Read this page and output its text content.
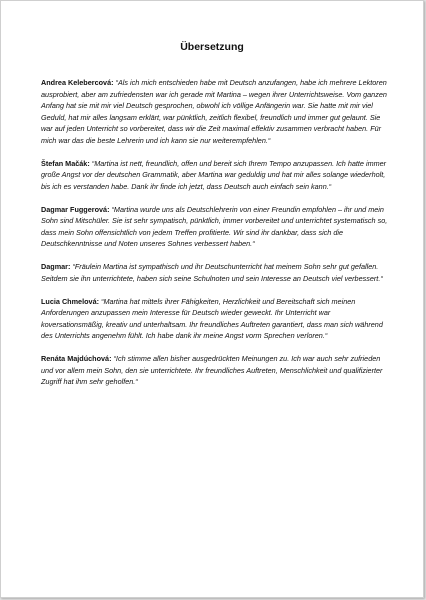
Übersetzung

Andrea Kelebercová: “Als ich mich entschieden habe mit Deutsch anzufangen, habe ich mehrere Lektoren ausprobiert, aber am zufriedensten war ich gerade mit Martina – wegen ihrer Unterrichtsweise. Vom ganzen Anfang hat sie mit mir viel Deutsch gesprochen, obwohl ich völlige Anfängerin war. Sie hatte mit mir viel Geduld, hat mir alles langsam erklärt, war pünktlich, zeitlich flexibel, freundlich und immer gut gelaunt. Sie war auf jeden Unterricht so vorbereitet, dass wir die Zeit maximal effektiv zusammen verbracht haben. Für mich war das die beste Lehrerin und ich kann sie nur weiterempfehlen.“

Štefan Mačák: “Martina ist nett, freundlich, offen und bereit sich Ihrem Tempo anzupassen. Ich hatte immer große Angst vor der deutschen Grammatik, aber Martina war geduldig und hat mir alles solange wiederholt, bis ich es verstanden habe. Dank ihr finde ich jetzt, dass Deutsch auch einfach sein kann.“

Dagmar Fuggerová: “Martina wurde uns als Deutschlehrerin von einer Freundin empfohlen – ihr und mein Sohn sind Mitschüler. Sie ist sehr sympatisch, pünktlich, immer vorbereitet und unterrichtet systematisch so, dass mein Sohn offensichtlich von jedem Treffen profitierte. Wir sind ihr dankbar, dass sich die Deutschkenntnisse und Noten unseres Sohnes verbessert haben.“

Dagmar: “Fräulein Martina ist sympathisch und ihr Deutschunterricht hat meinem Sohn sehr gut gefallen. Seitdem sie ihn unterrichtete, haben sich seine Schulnoten und sein Interesse an Deutsch viel verbessert.“

Lucia Chmelová: “Martina hat mittels ihrer Fähigkeiten, Herzlichkeit und Bereitschaft sich meinen Anforderungen anzupassen mein Interesse für Deutsch wieder geweckt. Ihr Unterricht war koversationsmäßig, kreativ und unterhaltsam. Ihr freundliches Auftreten garantiert, dass man sich während des Unterrichts angenehm fühlt. Ich habe dank ihr meine Angst vorm Sprechen verloren.“

Renáta Majdúchová: “Ich stimme allen bisher ausgedrückten Meinungen zu. Ich war auch sehr zufrieden und vor allem mein Sohn, den sie unterrichtete. Ihr freundliches Auftreten, Menschlichkeit und qualifizierter Zugriff hat ihm sehr geholfen.“
